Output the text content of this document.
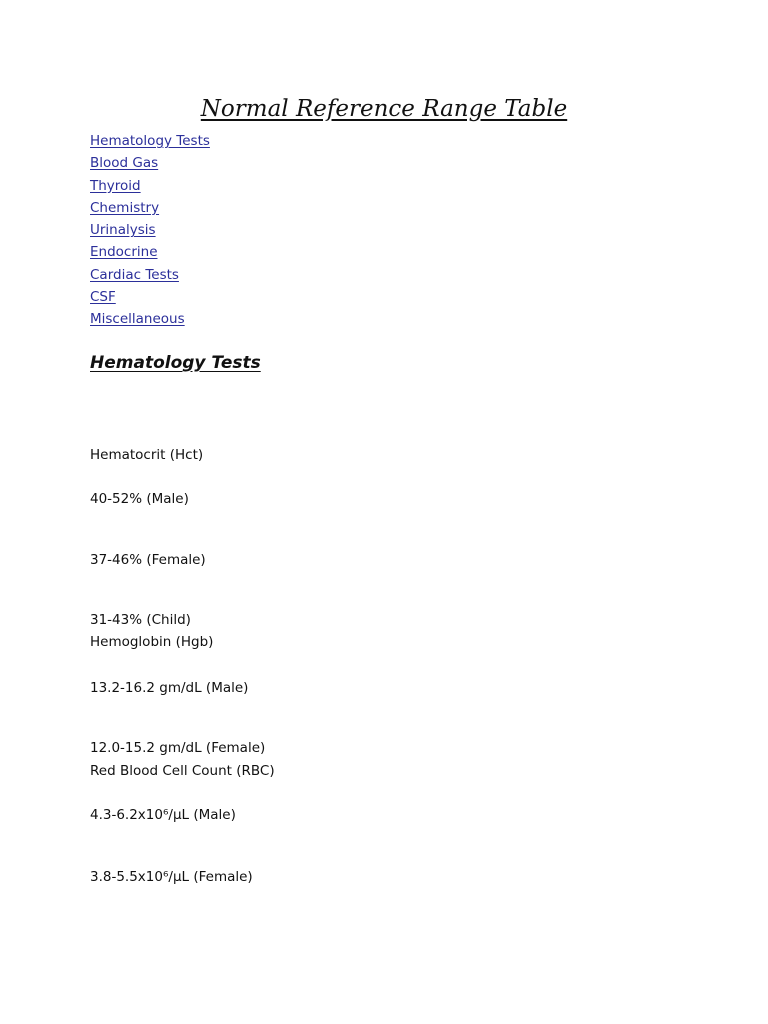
Normal Reference Range Table
Hematology Tests
Blood Gas
Thyroid
Chemistry
Urinalysis
Endocrine
Cardiac Tests
CSF
Miscellaneous
Hematology Tests
Hematocrit (Hct)
40-52% (Male)
37-46% (Female)
31-43% (Child)
Hemoglobin (Hgb)
13.2-16.2 gm/dL (Male)
12.0-15.2 gm/dL (Female)
Red Blood Cell Count (RBC)
4.3-6.2x10⁶/µL (Male)
3.8-5.5x10⁶/µL (Female)
